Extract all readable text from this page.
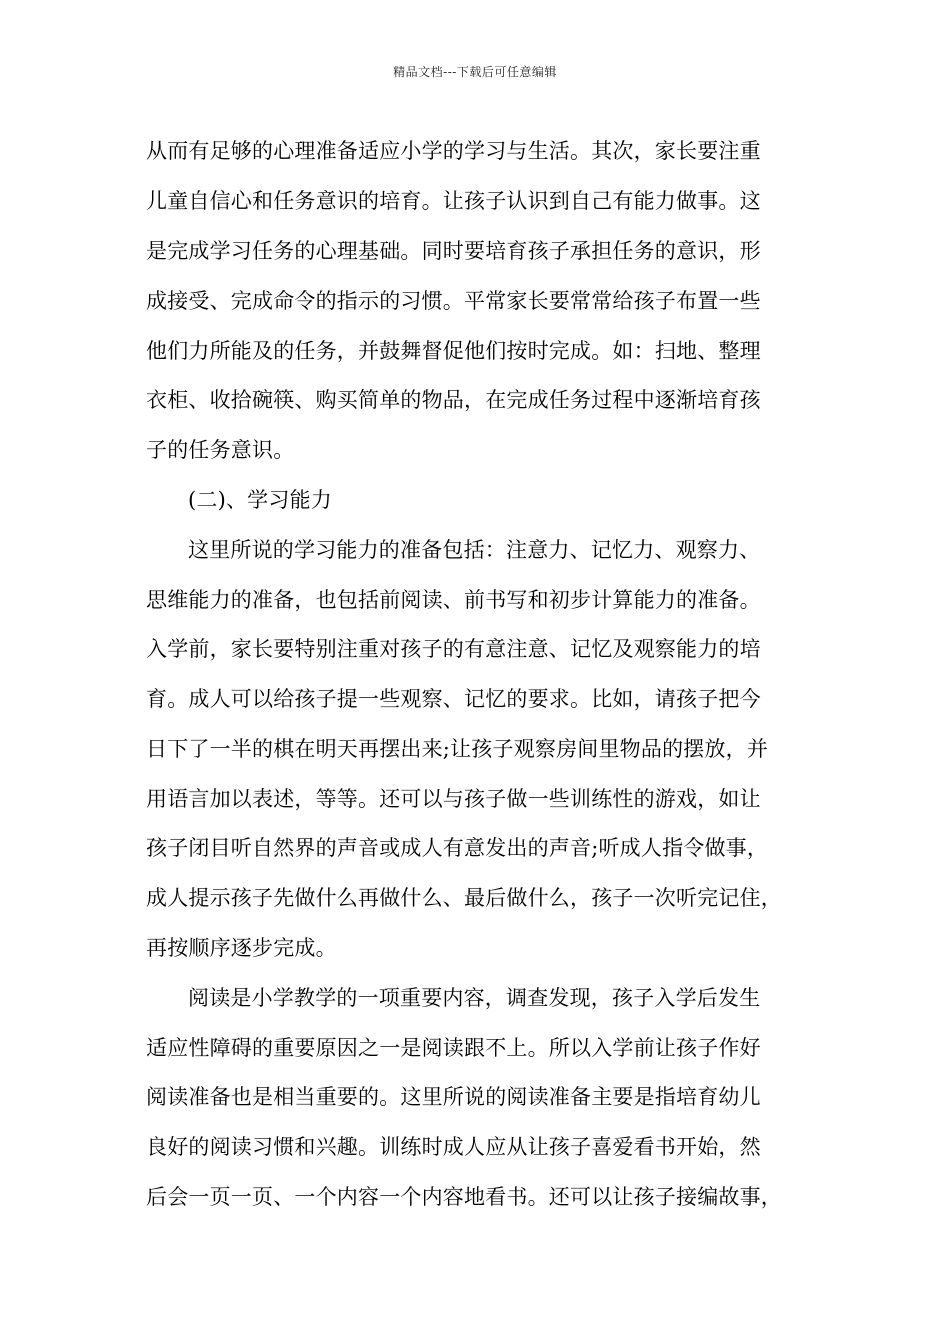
精品文档---下载后可任意编辑
从而有足够的心理准备适应小学的学习与生活。其次，家长要注重
儿童自信心和任务意识的培育。让孩子认识到自己有能力做事。这
是完成学习任务的心理基础。同时要培育孩子承担任务的意识，形
成接受、完成命令的指示的习惯。平常家长要常常给孩子布置一些
他们力所能及的任务，并鼓舞督促他们按时完成。如：扫地、整理
衣柜、收拾碗筷、购买简单的物品，在完成任务过程中逐渐培育孩
子的任务意识。
(二)、学习能力
这里所说的学习能力的准备包括：注意力、记忆力、观察力、
思维能力的准备，也包括前阅读、前书写和初步计算能力的准备。
入学前，家长要特别注重对孩子的有意注意、记忆及观察能力的培
育。成人可以给孩子提一些观察、记忆的要求。比如，请孩子把今
日下了一半的棋在明天再摆出来;让孩子观察房间里物品的摆放，并
用语言加以表述，等等。还可以与孩子做一些训练性的游戏，如让
孩子闭目听自然界的声音或成人有意发出的声音;听成人指令做事，
成人提示孩子先做什么再做什么、最后做什么，孩子一次听完记住，
再按顺序逐步完成。
阅读是小学教学的一项重要内容，调查发现，孩子入学后发生
适应性障碍的重要原因之一是阅读跟不上。所以入学前让孩子作好
阅读准备也是相当重要的。这里所说的阅读准备主要是指培育幼儿
良好的阅读习惯和兴趣。训练时成人应从让孩子喜爱看书开始，然
后会一页一页、一个内容一个内容地看书。还可以让孩子接编故事，
